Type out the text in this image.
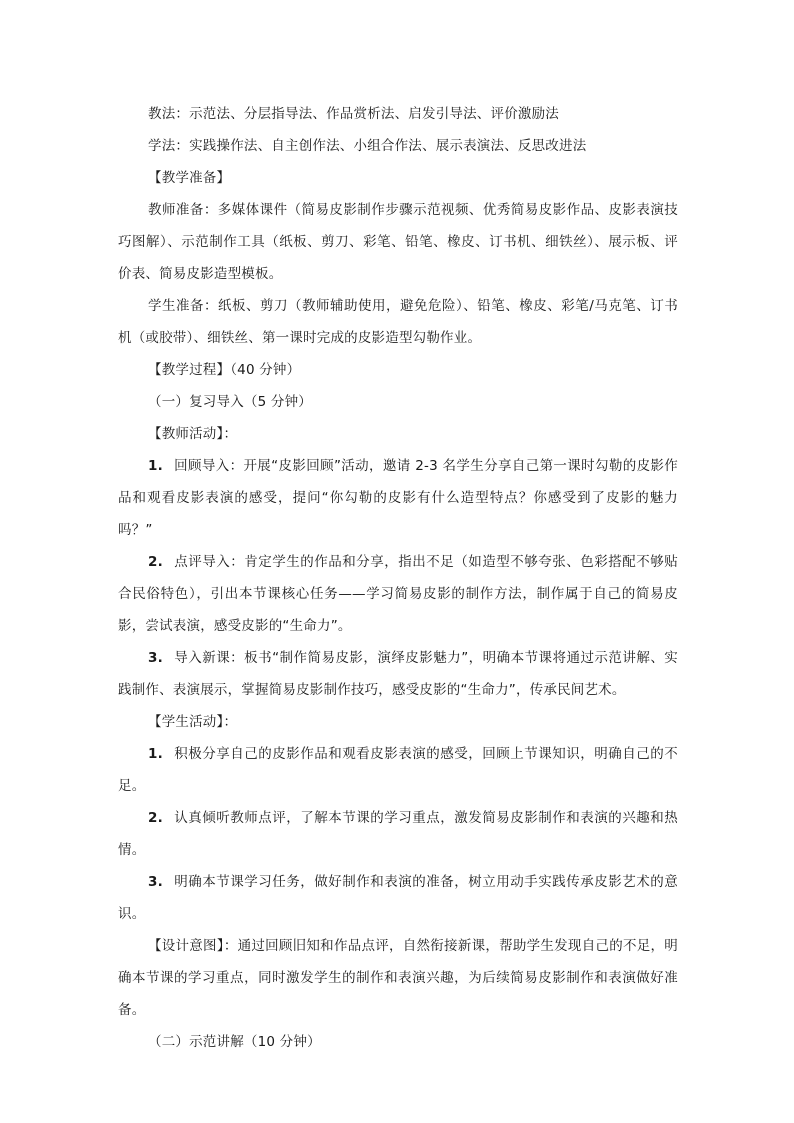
教法：示范法、分层指导法、作品赏析法、启发引导法、评价激励法

学法：实践操作法、自主创作法、小组合作法、展示表演法、反思改进法

【教学准备】

教师准备：多媒体课件（简易皮影制作步骤示范视频、优秀简易皮影作品、皮影表演技巧图解）、示范制作工具（纸板、剪刀、彩笔、铅笔、橡皮、订书机、细铁丝）、展示板、评价表、简易皮影造型模板。

学生准备：纸板、剪刀（教师辅助使用，避免危险）、铅笔、橡皮、彩笔/马克笔、订书机（或胶带）、细铁丝、第一课时完成的皮影造型勾勒作业。

【教学过程】（40 分钟）

（一）复习导入（5 分钟）

【教师活动】：

1. 回顾导入：开展“皮影回顾”活动，邀请 2-3 名学生分享自己第一课时勾勒的皮影作品和观看皮影表演的感受，提问“你勾勒的皮影有什么造型特点？你感受到了皮影的魅力吗？”

2. 点评导入：肯定学生的作品和分享，指出不足（如造型不够夸张、色彩搭配不够贴合民俗特色），引出本节课核心任务——学习简易皮影的制作方法，制作属于自己的简易皮影，尝试表演，感受皮影的“生命力”。

3. 导入新课：板书“制作简易皮影，演绎皮影魅力”，明确本节课将通过示范讲解、实践制作、表演展示，掌握简易皮影制作技巧，感受皮影的“生命力”，传承民间艺术。

【学生活动】：

1. 积极分享自己的皮影作品和观看皮影表演的感受，回顾上节课知识，明确自己的不足。

2. 认真倾听教师点评，了解本节课的学习重点，激发简易皮影制作和表演的兴趣和热情。

3. 明确本节课学习任务，做好制作和表演的准备，树立用动手实践传承皮影艺术的意识。

【设计意图】：通过回顾旧知和作品点评，自然衔接新课，帮助学生发现自己的不足，明确本节课的学习重点，同时激发学生的制作和表演兴趣，为后续简易皮影制作和表演做好准备。

（二）示范讲解（10 分钟）
